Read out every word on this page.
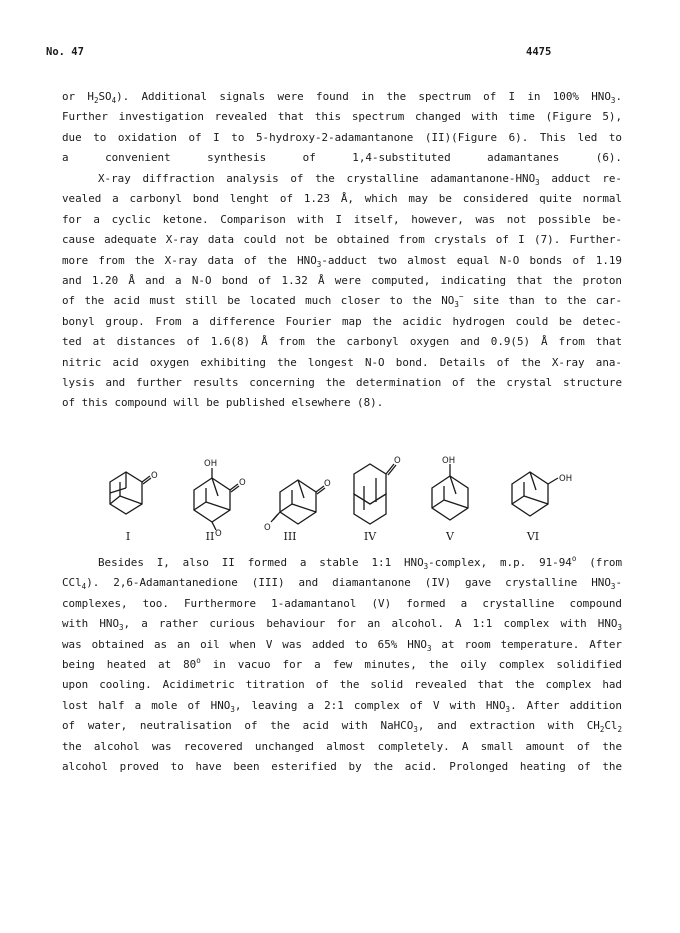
No. 47	4475
or $H_2SO_4$). Additional signals were found in the spectrum of I in 100% $HNO_3$.
Further investigation revealed that this spectrum changed with time (Figure 5),
due to oxidation of I to 5-hydroxy-2-adamantanone (II)(Figure 6). This led to
a convenient synthesis of 1,4-substituted adamantanes (6).
X-ray diffraction analysis of the crystalline adamantanone-$HNO_3$ adduct re-
vealed a carbonyl bond lenght of 1.23 Å, which may be considered quite normal
for a cyclic ketone. Comparison with I itself, however, was not possible be-
cause adequate X-ray data could not be obtained from crystals of I (7). Further-
more from the X-ray data of the $HNO_3$-adduct two almost equal N-O bonds of 1.19
and 1.20 Å and a N-O bond of 1.32 Å were computed, indicating that the proton
of the acid must still be located much closer to the $NO_3^-$ site than to the car-
bonyl group. From a difference Fourier map the acidic hydrogen could be detec-
ted at distances of 1.6(8) Å from the carbonyl oxygen and 0.9(5) Å from that
nitric acid oxygen exhibiting the longest N-O bond. Details of the X-ray ana-
lysis and further results concerning the determination of the crystal structure
of this compound will be published elsewhere (8).
O
OH
O
O
O
O
O	OH
OH
I	II	III	IV	V	VI
Besides I, also II formed a stable 1:1 $HNO_3$-complex, m.p. 91-94$^o$ (from
CCl$_4$). 2,6-Adamantanedione (III) and diamantanone (IV) gave crystalline $HNO_3-$
complexes, too. Furthermore 1-adamantanol (V) formed a crystalline compound
with $HNO_3$, a rather curious behaviour for an alcohol. A 1:1 complex with $HNO_3$
was obtained as an oil when V was added to 65% $HNO_3$ at room temperature. After
being heated at 80$^o$ in vacuo for a few minutes, the oily complex solidified
upon cooling. Acidimetric titration of the solid revealed that the complex had
lost half a mole of $HNO_3$, leaving a 2:1 complex of V with $HNO_3$. After addition
of water, neutralisation of the acid with NaHCO$_3$, and extraction with $CH_2Cl_2$
the alcohol was recovered unchanged almost completely. A small amount of the
alcohol proved to have been esterified by the acid. Prolonged heating of the
